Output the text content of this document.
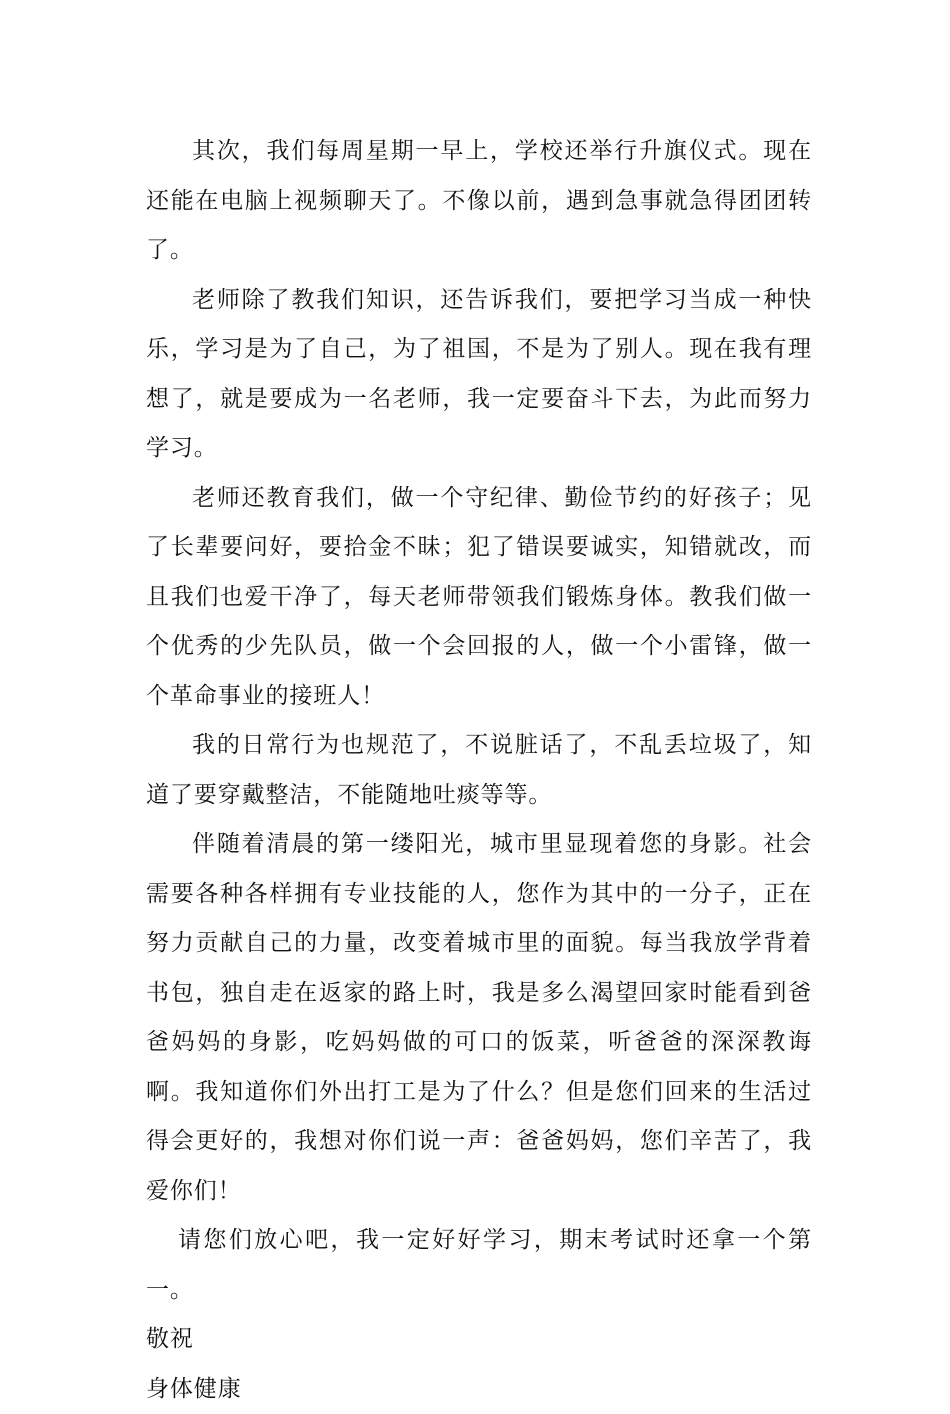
其次，我们每周星期一早上，学校还举行升旗仪式。现在还能在电脑上视频聊天了。不像以前，遇到急事就急得团团转了。

老师除了教我们知识，还告诉我们，要把学习当成一种快乐，学习是为了自己，为了祖国，不是为了别人。现在我有理想了，就是要成为一名老师，我一定要奋斗下去，为此而努力学习。

老师还教育我们，做一个守纪律、勤俭节约的好孩子；见了长辈要问好，要拾金不昧；犯了错误要诚实，知错就改，而且我们也爱干净了，每天老师带领我们锻炼身体。教我们做一个优秀的少先队员，做一个会回报的人，做一个小雷锋，做一个革命事业的接班人！

我的日常行为也规范了，不说脏话了，不乱丢垃圾了，知道了要穿戴整洁，不能随地吐痰等等。

伴随着清晨的第一缕阳光，城市里显现着您的身影。社会需要各种各样拥有专业技能的人，您作为其中的一分子，正在努力贡献自己的力量，改变着城市里的面貌。每当我放学背着书包，独自走在返家的路上时，我是多么渴望回家时能看到爸爸妈妈的身影，吃妈妈做的可口的饭菜，听爸爸的深深教诲啊。我知道你们外出打工是为了什么？但是您们回来的生活过得会更好的，我想对你们说一声：爸爸妈妈，您们辛苦了，我爱你们！

请您们放心吧，我一定好好学习，期末考试时还拿一个第一。

敬祝

身体健康
